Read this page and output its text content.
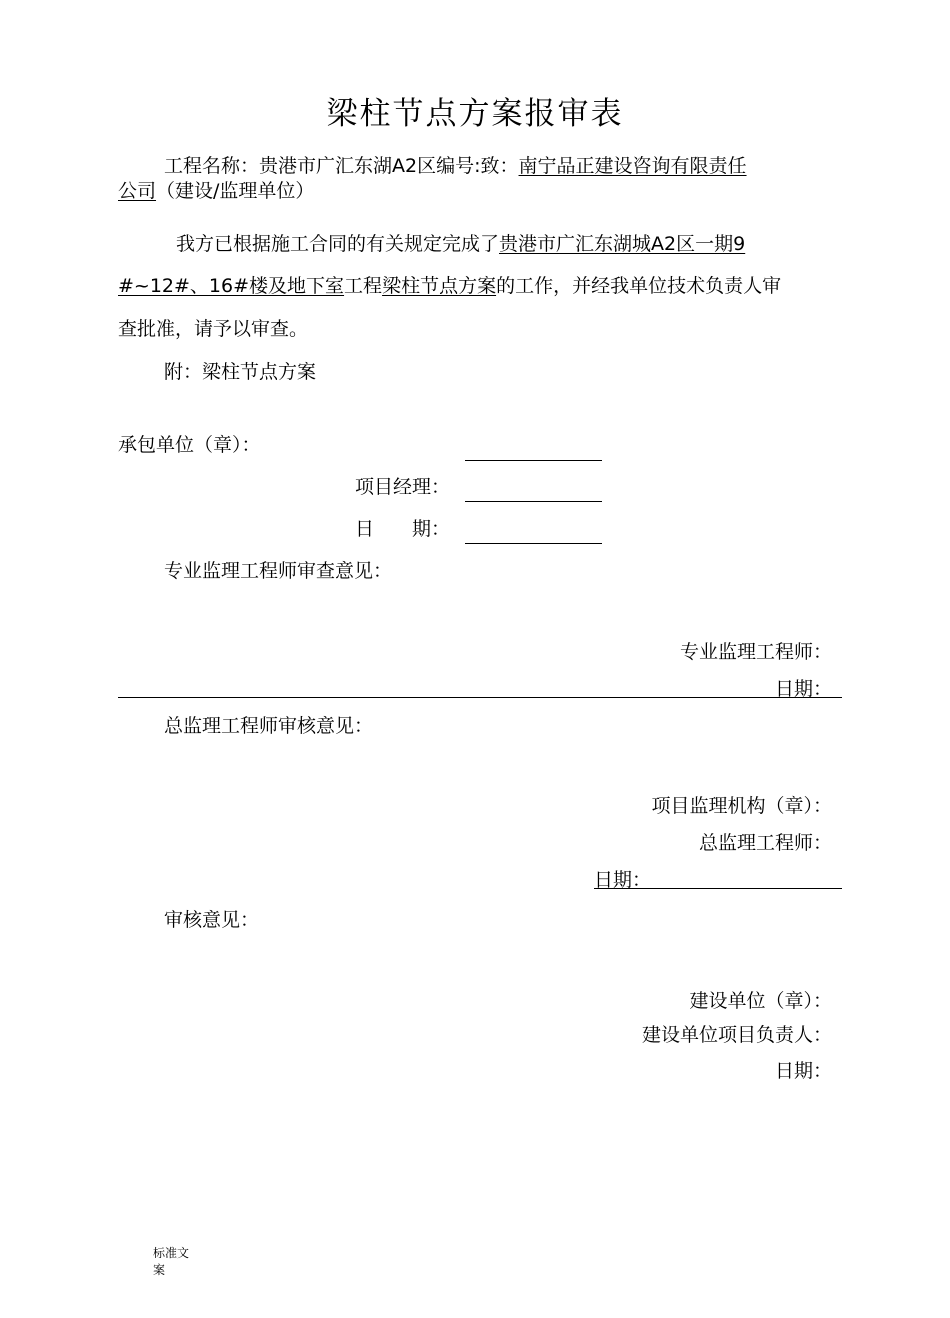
梁柱节点方案报审表
工程名称：贵港市广汇东湖A2区编号:致：南宁品正建设咨询有限责任
公司（建设/监理单位）
我方已根据施工合同的有关规定完成了贵港市广汇东湖城A2区一期9
#~12#、16#楼及地下室工程梁柱节点方案的工作，并经我单位技术负责人审
查批准，请予以审查。
附：梁柱节点方案
承包单位（章）：
项目经理：
日　　期：
专业监理工程师审查意见：
专业监理工程师：
日期：
总监理工程师审核意见：
项目监理机构（章）：
总监理工程师：
日期：
审核意见：
建设单位（章）：
建设单位项目负责人：
日期：
标准文
案
